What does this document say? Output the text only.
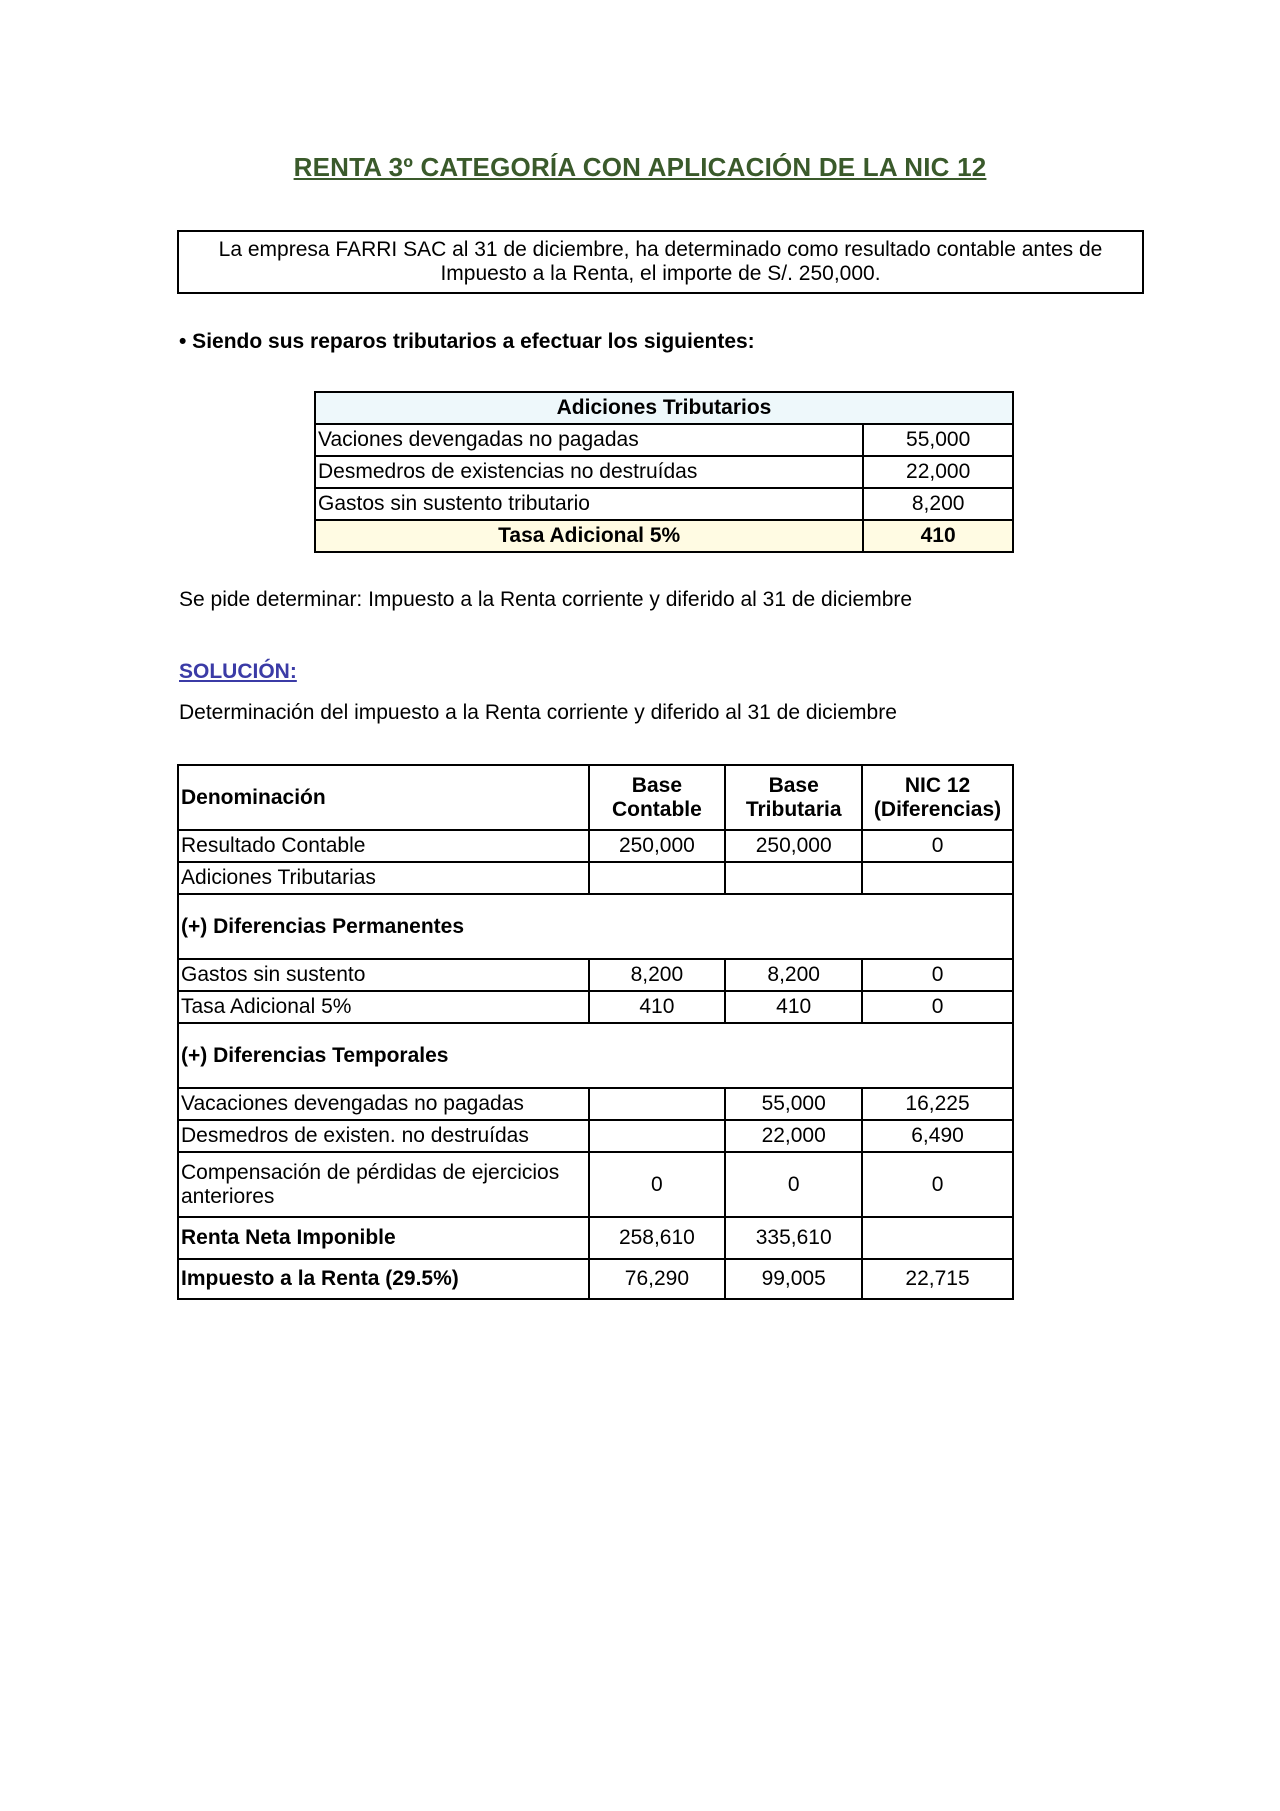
RENTA 3º CATEGORÍA CON APLICACIÓN DE LA NIC 12
La empresa FARRI SAC al 31 de diciembre, ha determinado como resultado contable antes de Impuesto a la Renta, el importe de S/. 250,000.
• Siendo sus reparos tributarios a efectuar los siguientes:
Adiciones Tributarios	
Vaciones devengadas no pagadas	55,000
Desmedros de existencias no destruídas	22,000
Gastos sin sustento tributario	8,200
Tasa Adicional 5%	410
Se pide determinar: Impuesto a la Renta corriente y diferido al 31 de diciembre
SOLUCIÓN:
Determinación del impuesto a la Renta corriente y diferido al 31 de diciembre
Denominación	Base Contable	Base Tributaria	NIC 12 (Diferencias)
Resultado Contable	250,000	250,000	0
Adiciones Tributarias			
(+) Diferencias Permanentes			
Gastos sin sustento	8,200	8,200	0
Tasa Adicional 5%	410	410	0
(+) Diferencias Temporales			
Vacaciones devengadas no pagadas		55,000	16,225
Desmedros de existen. no destruídas		22,000	6,490
Compensación de pérdidas de ejercicios anteriores	0	0	0
Renta Neta Imponible	258,610	335,610	
Impuesto a la Renta (29.5%)	76,290	99,005	22,715
